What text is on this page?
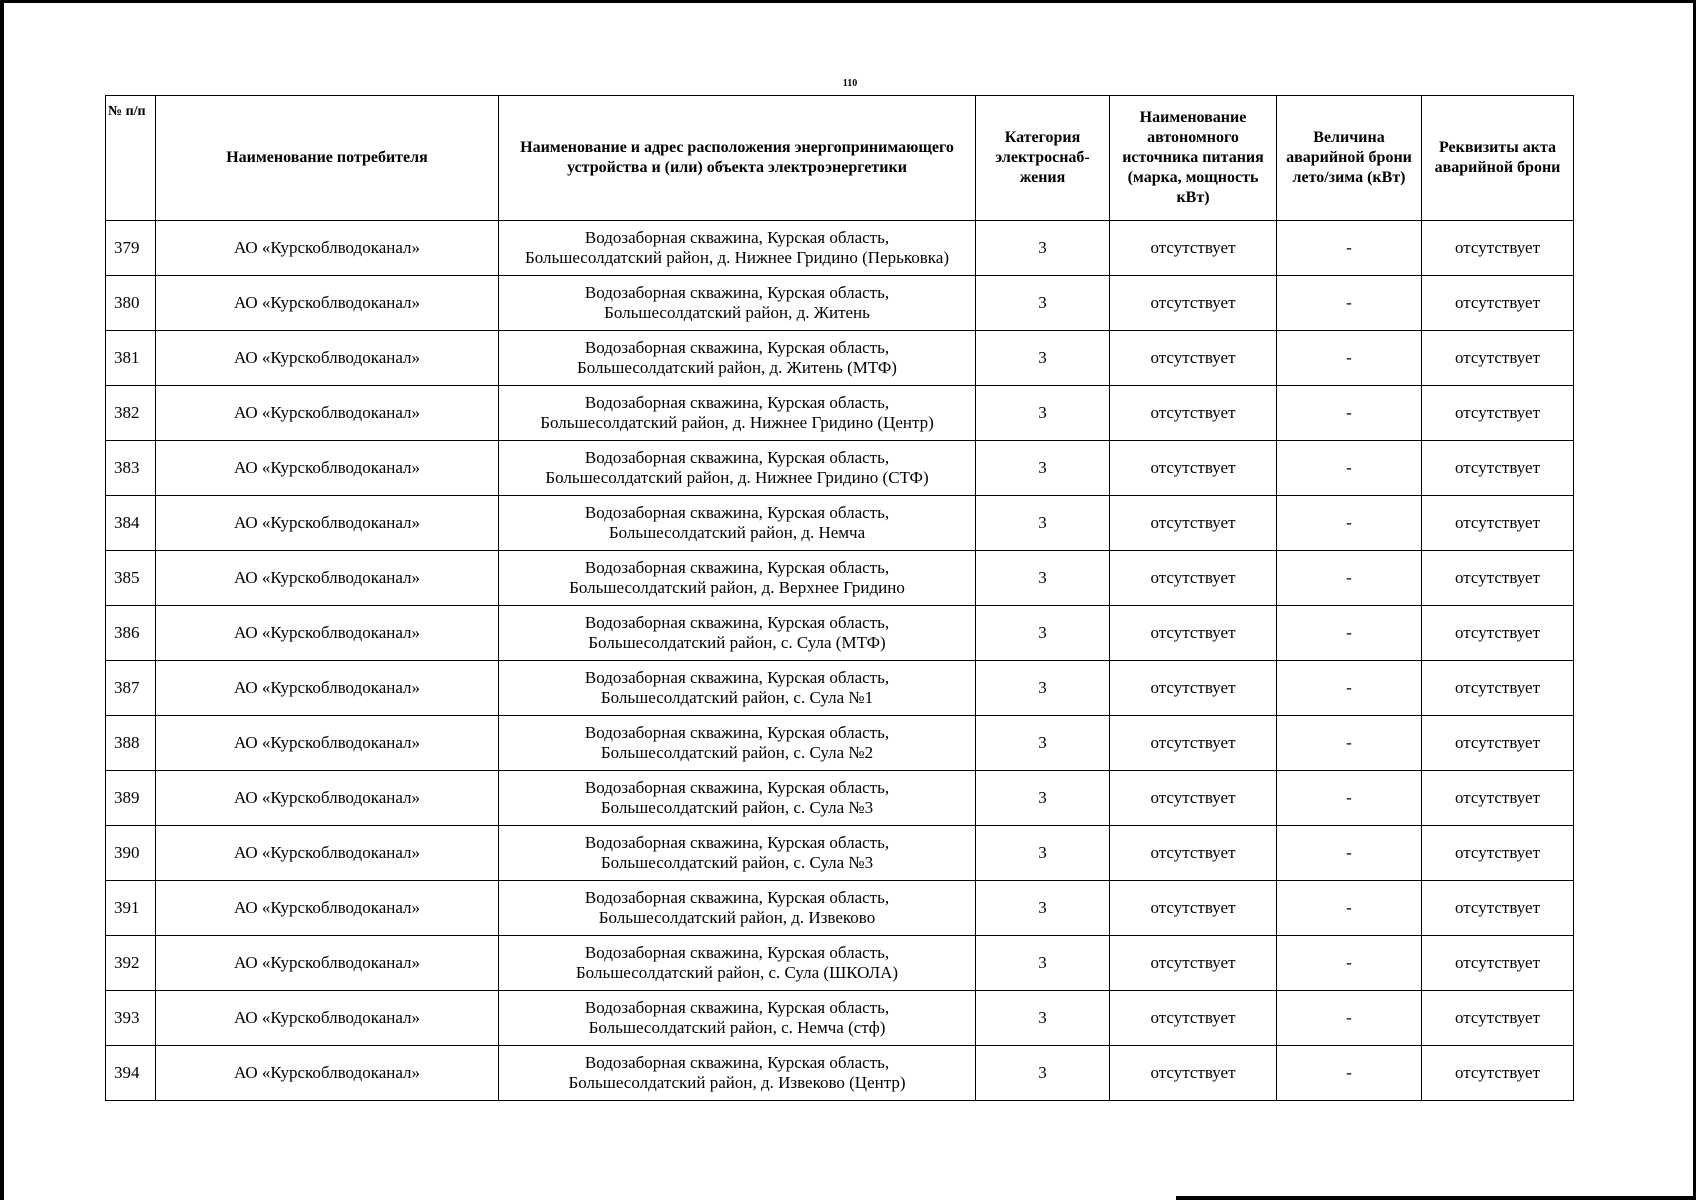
110
№ п/п	Наименование потребителя	Наименование и адрес расположения энергопринимающего устройства и (или) объекта электроэнергетики	Категория электроснаб-жения	Наименование автономного источника питания (марка, мощность кВт)	Величина аварийной брони лето/зима (кВт)	Реквизиты акта аварийной брони
379	АО «Курскоблводоканал»	Водозаборная скважина, Курская область,
Большесолдатский район, д. Нижнее Гридино (Перьковка)	3	отсутствует	-	отсутствует
380	АО «Курскоблводоканал»	Водозаборная скважина, Курская область,
Большесолдатский район, д. Житень	3	отсутствует	-	отсутствует
381	АО «Курскоблводоканал»	Водозаборная скважина, Курская область,
Большесолдатский район, д. Житень (МТФ)	3	отсутствует	-	отсутствует
382	АО «Курскоблводоканал»	Водозаборная скважина, Курская область,
Большесолдатский район, д. Нижнее Гридино (Центр)	3	отсутствует	-	отсутствует
383	АО «Курскоблводоканал»	Водозаборная скважина, Курская область,
Большесолдатский район, д. Нижнее Гридино (СТФ)	3	отсутствует	-	отсутствует
384	АО «Курскоблводоканал»	Водозаборная скважина, Курская область,
Большесолдатский район, д. Немча	3	отсутствует	-	отсутствует
385	АО «Курскоблводоканал»	Водозаборная скважина, Курская область,
Большесолдатский район, д. Верхнее Гридино	3	отсутствует	-	отсутствует
386	АО «Курскоблводоканал»	Водозаборная скважина, Курская область,
Большесолдатский район, с. Сула (МТФ)	3	отсутствует	-	отсутствует
387	АО «Курскоблводоканал»	Водозаборная скважина, Курская область,
Большесолдатский район, с. Сула №1	3	отсутствует	-	отсутствует
388	АО «Курскоблводоканал»	Водозаборная скважина, Курская область,
Большесолдатский район, с. Сула №2	3	отсутствует	-	отсутствует
389	АО «Курскоблводоканал»	Водозаборная скважина, Курская область,
Большесолдатский район, с. Сула №3	3	отсутствует	-	отсутствует
390	АО «Курскоблводоканал»	Водозаборная скважина, Курская область,
Большесолдатский район, с. Сула №3	3	отсутствует	-	отсутствует
391	АО «Курскоблводоканал»	Водозаборная скважина, Курская область,
Большесолдатский район, д. Извеково	3	отсутствует	-	отсутствует
392	АО «Курскоблводоканал»	Водозаборная скважина, Курская область,
Большесолдатский район, с. Сула (ШКОЛА)	3	отсутствует	-	отсутствует
393	АО «Курскоблводоканал»	Водозаборная скважина, Курская область,
Большесолдатский район, с. Немча (стф)	3	отсутствует	-	отсутствует
394	АО «Курскоблводоканал»	Водозаборная скважина, Курская область,
Большесолдатский район, д. Извеково (Центр)	3	отсутствует	-	отсутствует
